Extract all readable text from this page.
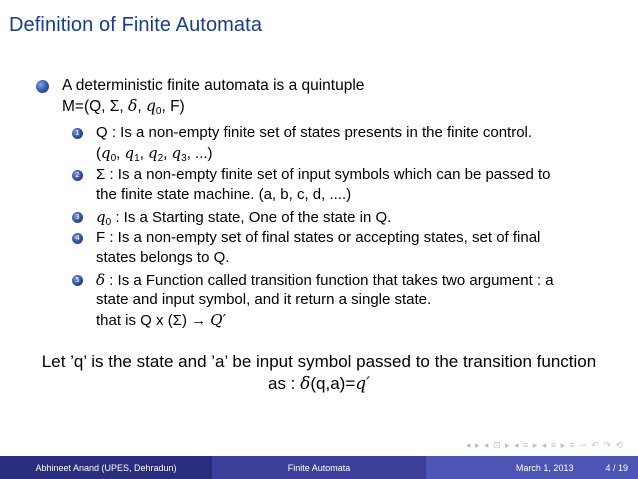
Definition of Finite Automata
A deterministic finite automata is a quintuple
M=(Q, Σ, δ, $q_0$, F)
1 Q : Is a non-empty finite set of states presents in the finite control.
($q_0$, $q_1$, $q_2$, $q_3$, ...)
2 Σ : Is a non-empty finite set of input symbols which can be passed to
the finite state machine. (a, b, c, d, ....)
3 $q_0$ : Is a Starting state, One of the state in Q.
4 F : Is a non-empty set of final states or accepting states, set of final
states belongs to Q.
5 δ : Is a Function called transition function that takes two argument : a
state and input symbol, and it return a single state.
that is Q x (Σ) → Q′
Let ’q’ is the state and ’a’ be input symbol passed to the transition function
as : δ(q,a)=q′
◂ ▸ ◂ ⊡ ▸ ◂ ≡ ▸ ◂ ≡ ▸ ≡ ∽ ↶ ↷ ⟲
Abhineet Anand (UPES, Dehradun)	Finite Automata	March 1, 2013	4 / 19
